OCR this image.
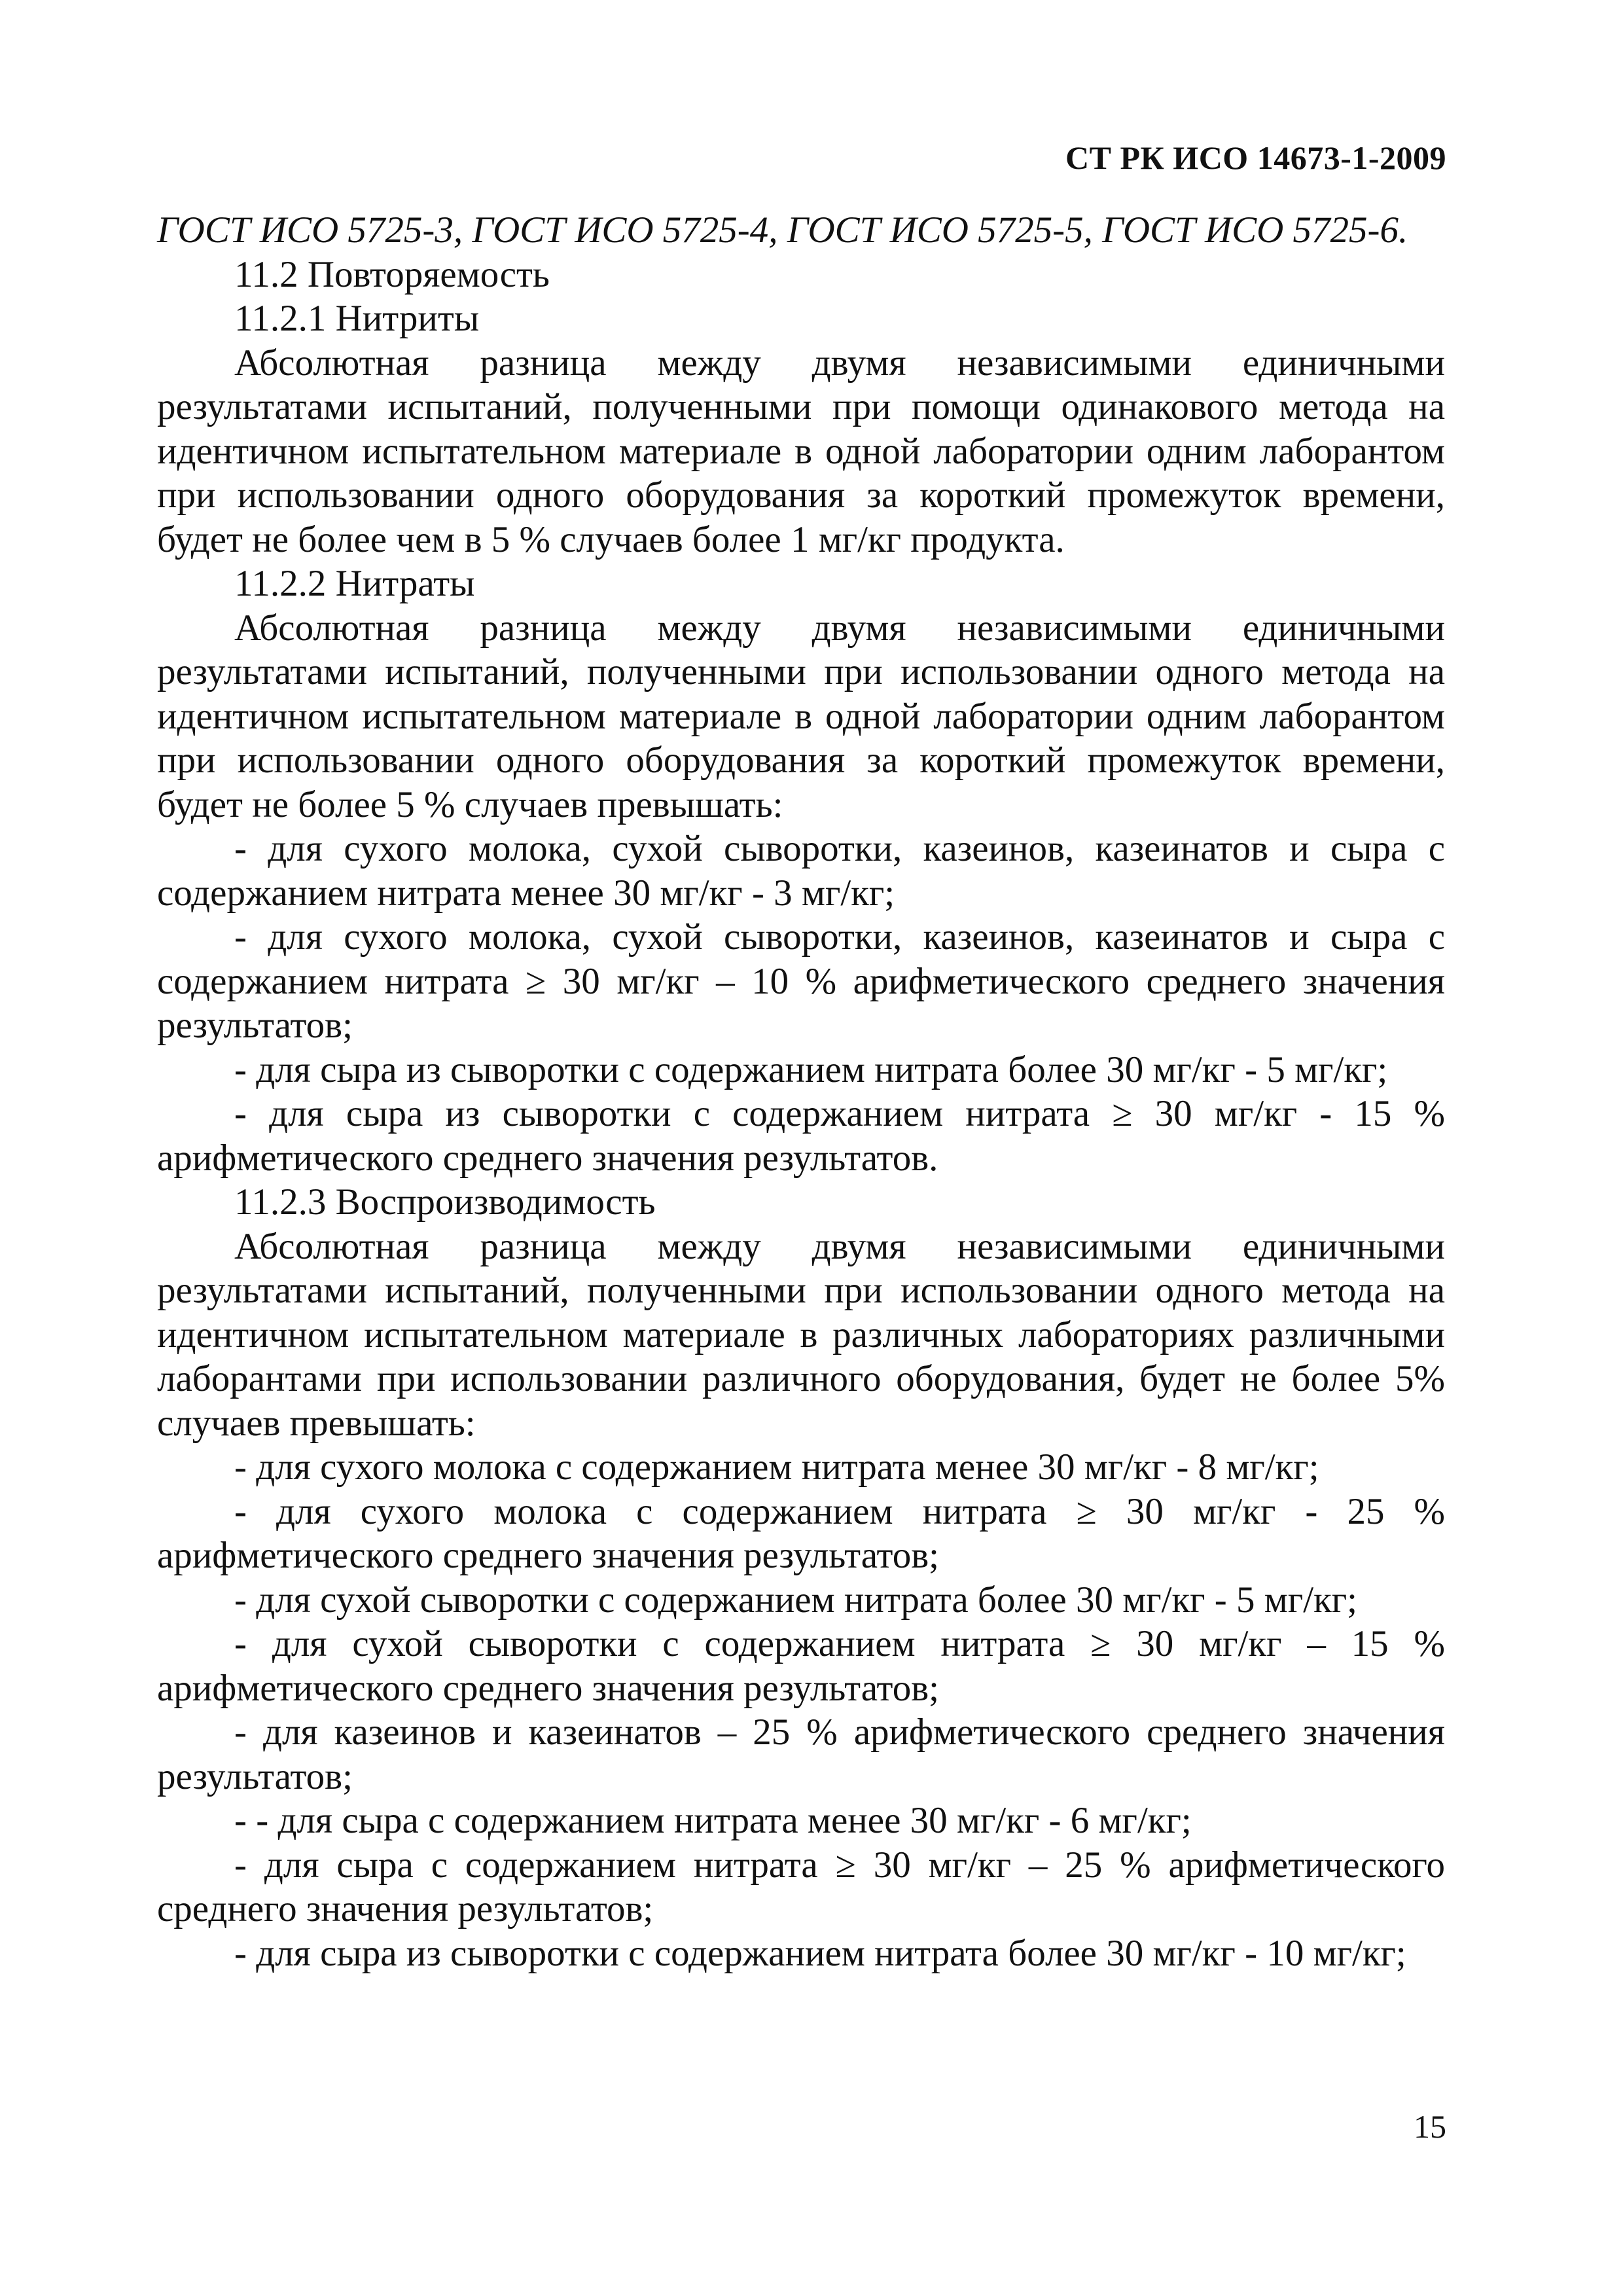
СТ РК ИСО 14673-1-2009

ГОСТ ИСО 5725-3, ГОСТ ИСО 5725-4, ГОСТ ИСО 5725-5, ГОСТ ИСО 5725-6.

11.2 Повторяемость

11.2.1 Нитриты

Абсолютная разница между двумя независимыми единичными результатами испытаний, полученными при помощи одинакового метода на идентичном испытательном материале в одной лаборатории одним лаборантом при использовании одного оборудования за короткий промежуток времени, будет не более чем в 5 % случаев более 1 мг/кг продукта.

11.2.2 Нитраты

Абсолютная разница между двумя независимыми единичными результатами испытаний, полученными при использовании одного метода на идентичном испытательном материале в одной лаборатории одним лаборантом при использовании одного оборудования за короткий промежуток времени, будет не более 5 % случаев превышать:

- для сухого молока, сухой сыворотки, казеинов, казеинатов и сыра с содержанием нитрата менее 30 мг/кг - 3 мг/кг;

- для сухого молока, сухой сыворотки, казеинов, казеинатов и сыра с содержанием нитрата ≥ 30 мг/кг – 10 % арифметического среднего значения результатов;

- для сыра из сыворотки с содержанием нитрата более 30 мг/кг - 5 мг/кг;

- для сыра из сыворотки с содержанием нитрата ≥ 30 мг/кг - 15 % арифметического среднего значения результатов.

11.2.3 Воспроизводимость

Абсолютная разница между двумя независимыми единичными результатами испытаний, полученными при использовании одного метода на идентичном испытательном материале в различных лабораториях различными лаборантами при использовании различного оборудования, будет не более 5% случаев превышать:

- для сухого молока с содержанием нитрата менее 30 мг/кг - 8 мг/кг;

- для сухого молока с содержанием нитрата ≥ 30 мг/кг - 25 % арифметического среднего значения результатов;

- для сухой сыворотки с содержанием нитрата более 30 мг/кг - 5 мг/кг;

- для сухой сыворотки с содержанием нитрата ≥ 30 мг/кг – 15 % арифметического среднего значения результатов;

- для казеинов и казеинатов – 25 % арифметического среднего значения результатов;

- - для сыра с содержанием нитрата менее 30 мг/кг - 6 мг/кг;

- для сыра с содержанием нитрата ≥ 30 мг/кг – 25 % арифметического среднего значения результатов;

- для сыра из сыворотки с содержанием нитрата более 30 мг/кг - 10 мг/кг;

15
